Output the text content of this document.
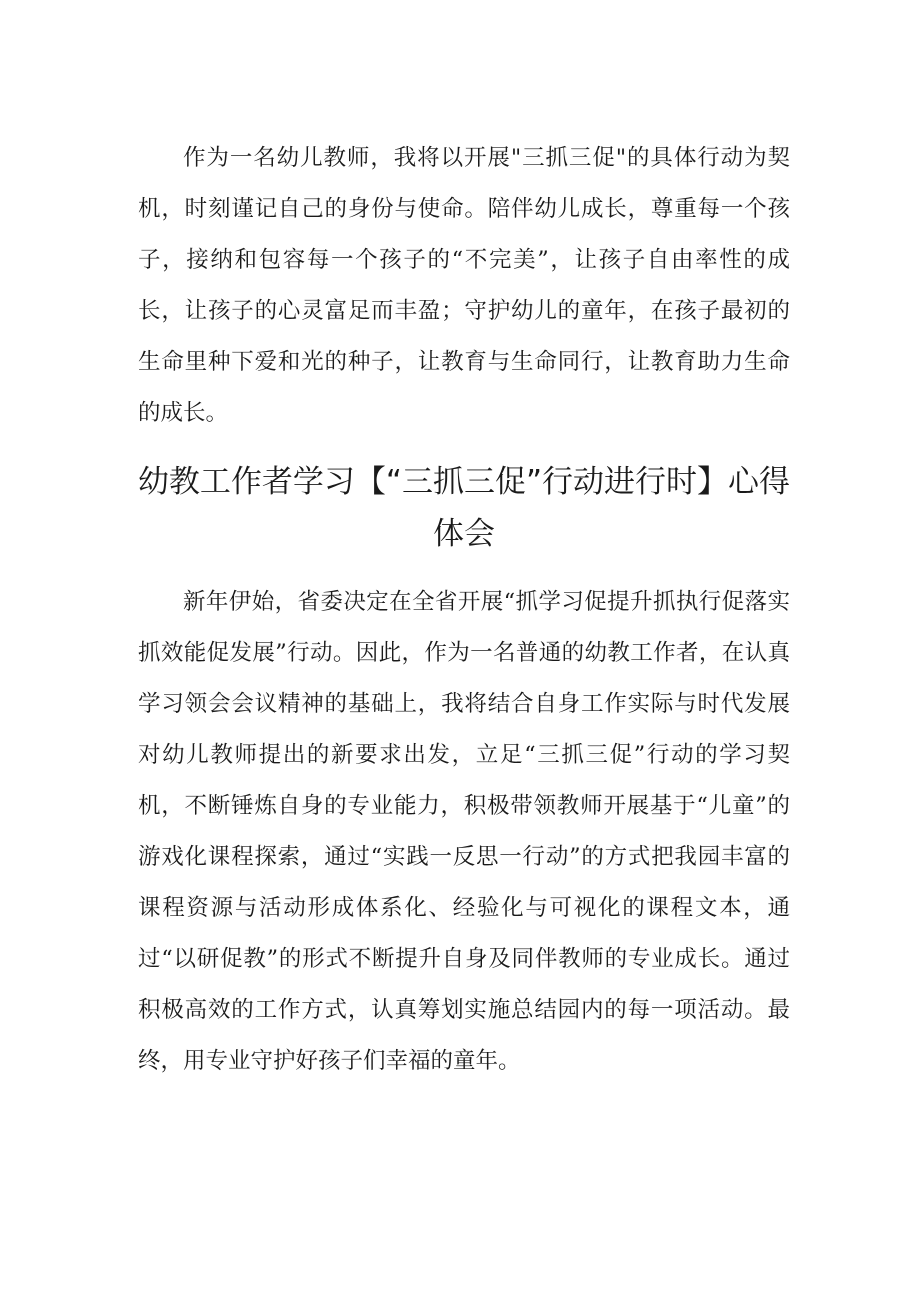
作为一名幼儿教师，我将以开展"三抓三促"的具体行动为契机，时刻谨记自己的身份与使命。陪伴幼儿成长，尊重每一个孩子，接纳和包容每一个孩子的“不完美”，让孩子自由率性的成长，让孩子的心灵富足而丰盈；守护幼儿的童年，在孩子最初的生命里种下爱和光的种子，让教育与生命同行，让教育助力生命的成长。

幼教工作者学习【“三抓三促”行动进行时】心得体会

新年伊始，省委决定在全省开展“抓学习促提升抓执行促落实抓效能促发展”行动。因此，作为一名普通的幼教工作者，在认真学习领会会议精神的基础上，我将结合自身工作实际与时代发展对幼儿教师提出的新要求出发，立足“三抓三促”行动的学习契机，不断锤炼自身的专业能力，积极带领教师开展基于“儿童”的游戏化课程探索，通过“实践一反思一行动”的方式把我园丰富的课程资源与活动形成体系化、经验化与可视化的课程文本，通过“以研促教”的形式不断提升自身及同伴教师的专业成长。通过积极高效的工作方式，认真筹划实施总结园内的每一项活动。最终，用专业守护好孩子们幸福的童年。
